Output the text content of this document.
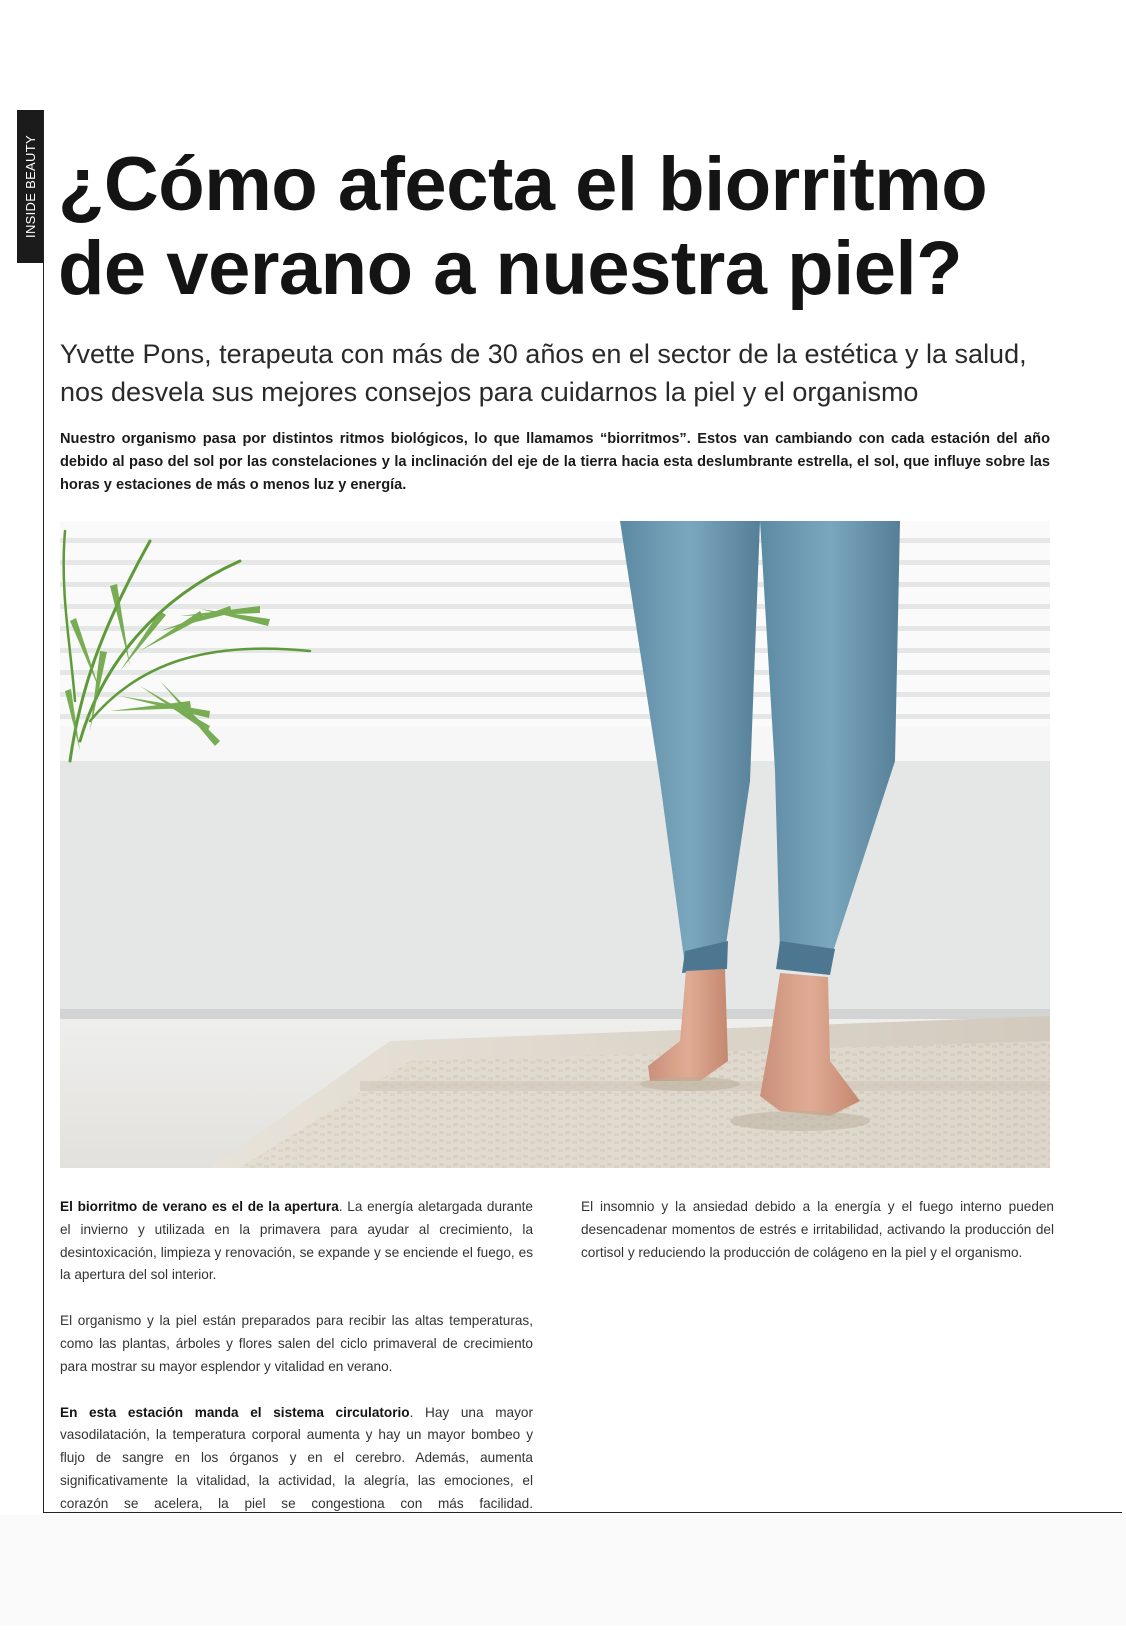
INSIDE BEAUTY ¿Cómo afecta el biorritmo de verano a nuestra piel?

Yvette Pons, terapeuta con más de 30 años en el sector de la estética y la salud, nos desvela sus mejores consejos para cuidarnos la piel y el organismo

Nuestro organismo pasa por distintos ritmos biológicos, lo que llamamos “biorritmos”. Estos van cambiando con cada estación del año debido al paso del sol por las constelaciones y la inclinación del eje de la tierra hacia esta deslumbrante estrella, el sol, que influye sobre las horas y estaciones de más o menos luz y energía.

El biorritmo de verano es el de la apertura. La energía aletargada durante el invierno y utilizada en la primavera para ayudar al crecimiento, la desintoxicación, limpieza y renovación, se expande y se enciende el fuego, es la apertura del sol interior.

El organismo y la piel están preparados para recibir las altas temperaturas, como las plantas, árboles y flores salen del ciclo primaveral de crecimiento para mostrar su mayor esplendor y vitalidad en verano.

En esta estación manda el sistema circulatorio. Hay una mayor vasodilatación, la temperatura corporal aumenta y hay un mayor bombeo y flujo de sangre en los órganos y en el cerebro. Además, aumenta significativamente la vitalidad, la actividad, la alegría, las emociones, el corazón se acelera, la piel se congestiona con más facilidad.

El insomnio y la ansiedad debido a la energía y el fuego interno pueden desencadenar momentos de estrés e irritabilidad, activando la producción del cortisol y reduciendo la producción de colágeno en la piel y el organismo.
